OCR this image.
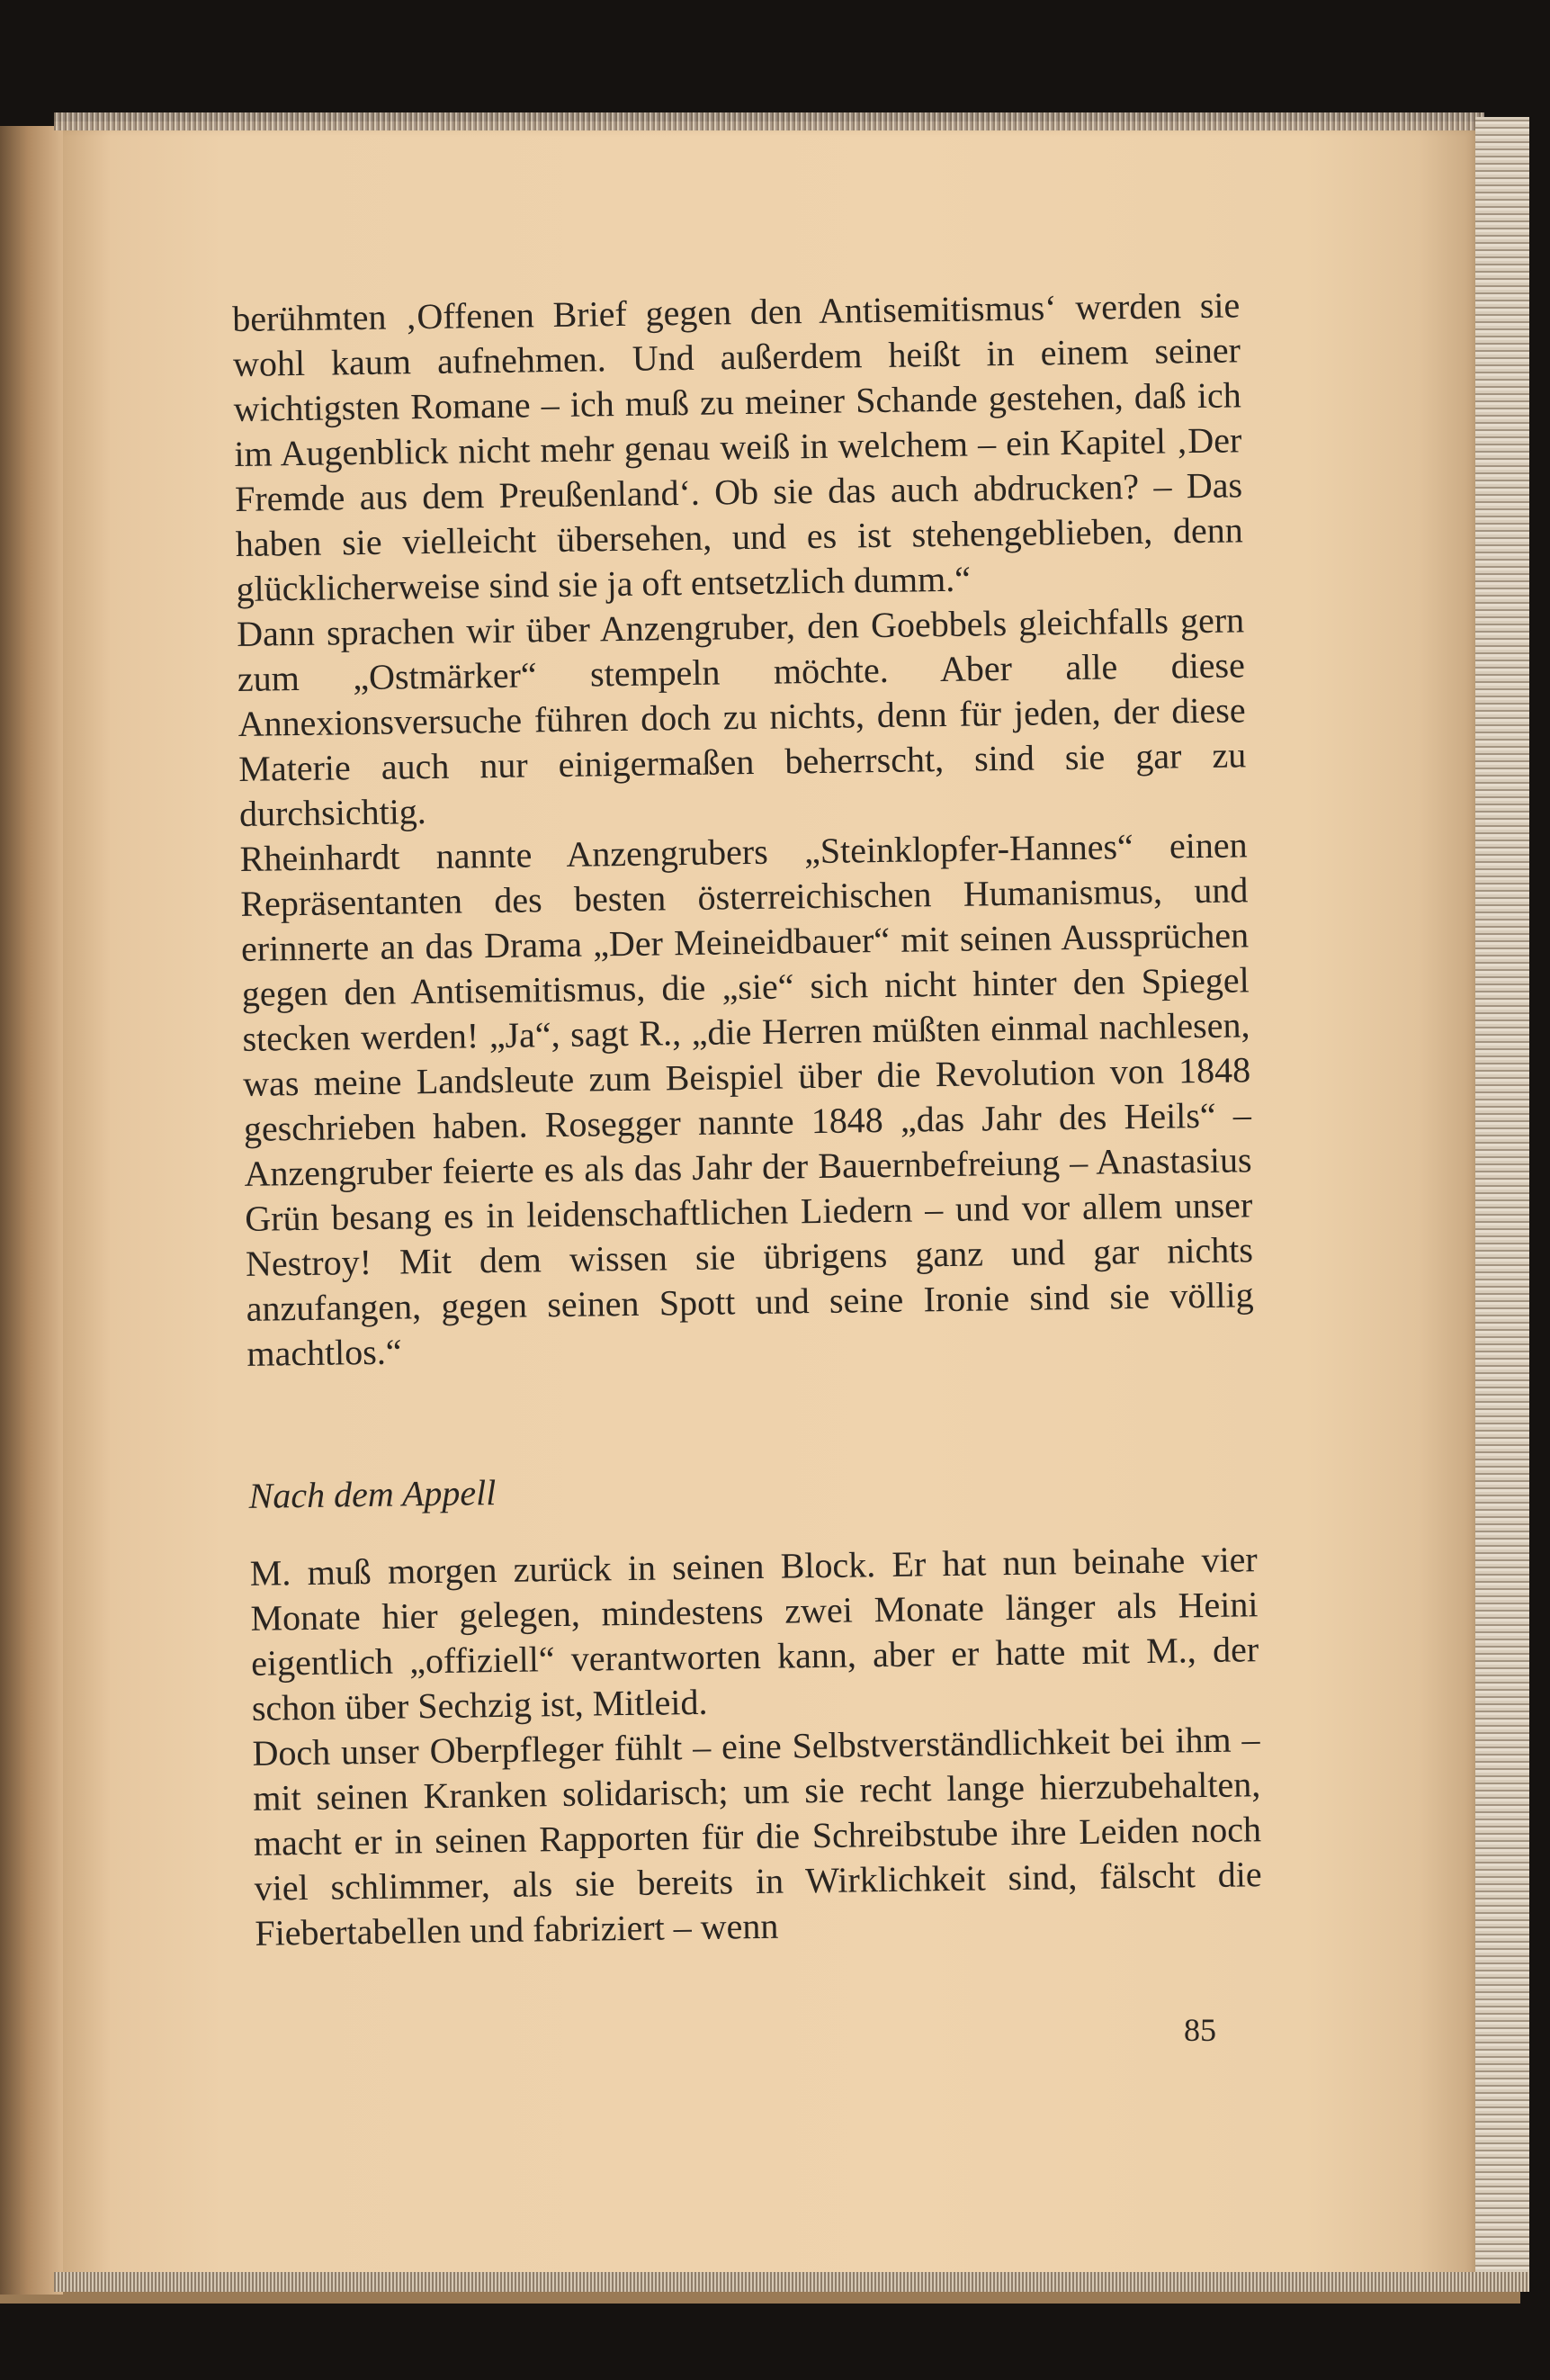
berühmten ‚Offenen Brief gegen den Antisemitismus‘ werden sie wohl kaum aufnehmen. Und außerdem heißt in einem seiner wichtigsten Romane – ich muß zu meiner Schande gestehen, daß ich im Augenblick nicht mehr genau weiß in welchem – ein Kapitel ‚Der Fremde aus dem Preußenland‘. Ob sie das auch abdrucken? – Das haben sie vielleicht übersehen, und es ist stehengeblieben, denn glücklicherweise sind sie ja oft entsetzlich dumm.“

Dann sprachen wir über Anzengruber, den Goebbels gleichfalls gern zum „Ostmärker“ stempeln möchte. Aber alle diese Annexionsversuche führen doch zu nichts, denn für jeden, der diese Materie auch nur einigermaßen beherrscht, sind sie gar zu durchsichtig.

Rheinhardt nannte Anzengrubers „Steinklopfer-Hannes“ einen Repräsentanten des besten österreichischen Humanismus, und erinnerte an das Drama „Der Meineidbauer“ mit seinen Aussprüchen gegen den Antisemitismus, die „sie“ sich nicht hinter den Spiegel stecken werden! „Ja“, sagt R., „die Herren müßten einmal nachlesen, was meine Landsleute zum Beispiel über die Revolution von 1848 geschrieben haben. Rosegger nannte 1848 „das Jahr des Heils“ – Anzengruber feierte es als das Jahr der Bauernbefreiung – Anastasius Grün besang es in leidenschaftlichen Liedern – und vor allem unser Nestroy! Mit dem wissen sie übrigens ganz und gar nichts anzufangen, gegen seinen Spott und seine Ironie sind sie völlig machtlos.“

Nach dem Appell

M. muß morgen zurück in seinen Block. Er hat nun beinahe vier Monate hier gelegen, mindestens zwei Monate länger als Heini eigentlich „offiziell“ verantworten kann, aber er hatte mit M., der schon über Sechzig ist, Mitleid.

Doch unser Oberpfleger fühlt – eine Selbstverständlichkeit bei ihm – mit seinen Kranken solidarisch; um sie recht lange hierzubehalten, macht er in seinen Rapporten für die Schreibstube ihre Leiden noch viel schlimmer, als sie bereits in Wirklichkeit sind, fälscht die Fiebertabellen und fabriziert – wenn

85
